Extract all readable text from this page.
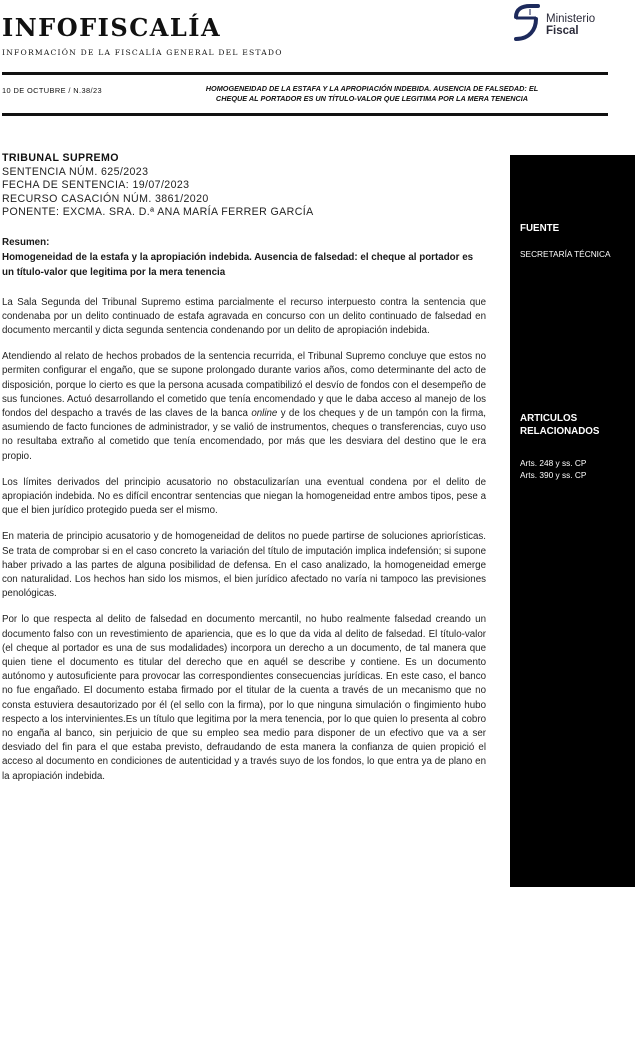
INFOFISCALÍA
INFORMACIÓN DE LA FISCALÍA GENERAL DEL ESTADO
Ministerio
Fiscal
10 DE OCTUBRE / N.38/23	HOMOGENEIDAD DE LA ESTAFA Y LA APROPIACIÓN INDEBIDA. AUSENCIA DE FALSEDAD: EL
CHEQUE AL PORTADOR ES UN TÍTULO-VALOR QUE LEGITIMA POR LA MERA TENENCIA
TRIBUNAL SUPREMO
SENTENCIA NÚM. 625/2023
FECHA DE SENTENCIA: 19/07/2023
RECURSO CASACIÓN NÚM. 3861/2020
PONENTE: EXCMA. SRA. D.ª ANA MARÍA FERRER GARCÍA
Resumen:
Homogeneidad de la estafa y la apropiación indebida. Ausencia de falsedad: el cheque al portador es un título-valor que legitima por la mera tenencia

La Sala Segunda del Tribunal Supremo estima parcialmente el recurso interpuesto contra la sentencia que condenaba por un delito continuado de estafa agravada en concurso con un delito continuado de falsedad en documento mercantil y dicta segunda sentencia condenando por un delito de apropiación indebida.

Atendiendo al relato de hechos probados de la sentencia recurrida, el Tribunal Supremo concluye que estos no permiten configurar el engaño, que se supone prolongado durante varios años, como determinante del acto de disposición, porque lo cierto es que la persona acusada compatibilizó el desvío de fondos con el desempeño de sus funciones. Actuó desarrollando el cometido que tenía encomendado y que le daba acceso al manejo de los fondos del despacho a través de las claves de la banca online y de los cheques y de un tampón con la firma, asumiendo de facto funciones de administrador, y se valió de instrumentos, cheques o transferencias, cuyo uso no resultaba extraño al cometido que tenía encomendado, por más que les desviara del destino que le era propio.

Los límites derivados del principio acusatorio no obstaculizarían una eventual condena por el delito de apropiación indebida. No es difícil encontrar sentencias que niegan la homogeneidad entre ambos tipos, pese a que el bien jurídico protegido pueda ser el mismo.

En materia de principio acusatorio y de homogeneidad de delitos no puede partirse de soluciones apriorísticas. Se trata de comprobar si en el caso concreto la variación del título de imputación implica indefensión; si supone haber privado a las partes de alguna posibilidad de defensa. En el caso analizado, la homogeneidad emerge con naturalidad. Los hechos han sido los mismos, el bien jurídico afectado no varía ni tampoco las previsiones penológicas.

Por lo que respecta al delito de falsedad en documento mercantil, no hubo realmente falsedad creando un documento falso con un revestimiento de apariencia, que es lo que da vida al delito de falsedad. El título-valor (el cheque al portador es una de sus modalidades) incorpora un derecho a un documento, de tal manera que quien tiene el documento es titular del derecho que en aquél se describe y contiene. Es un documento autónomo y autosuficiente para provocar las correspondientes consecuencias jurídicas. En este caso, el banco no fue engañado. El documento estaba firmado por el titular de la cuenta a través de un mecanismo que no consta estuviera desautorizado por él (el sello con la firma), por lo que ninguna simulación o fingimiento hubo respecto a los intervinientes.Es un título que legitima por la mera tenencia, por lo que quien lo presenta al cobro no engaña al banco, sin perjuicio de que su empleo sea medio para disponer de un efectivo que va a ser desviado del fin para el que estaba previsto, defraudando de esta manera la confianza de quien propició el acceso al documento en condiciones de autenticidad y a través suyo de los fondos, lo que entra ya de plano en la apropiación indebida.

FUENTE
SECRETARÍA TÉCNICA
ARTICULOS RELACIONADOS
Arts. 248 y ss. CP
Arts. 390 y ss. CP
